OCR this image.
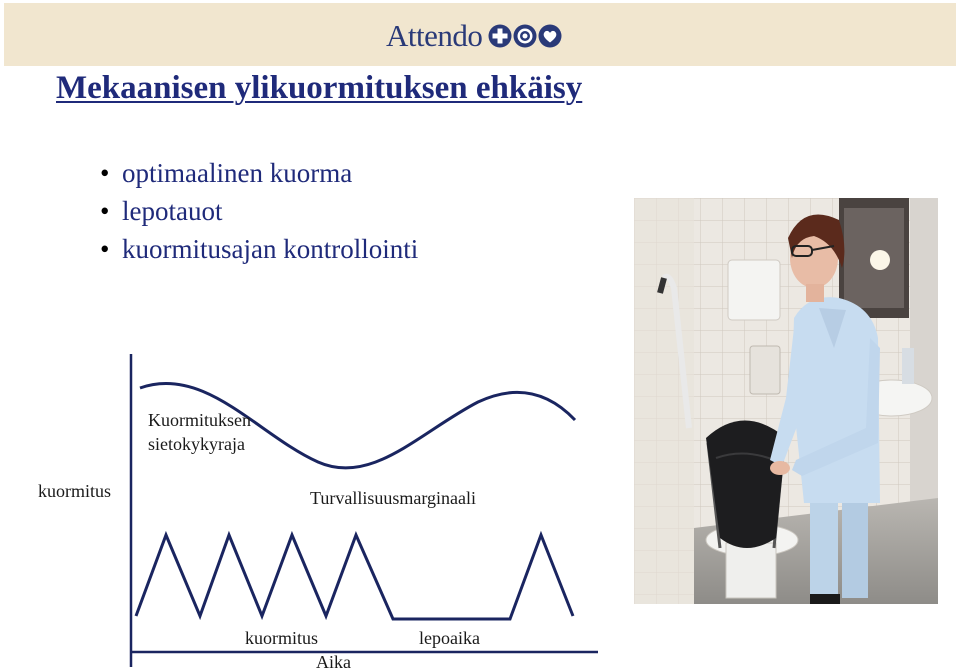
Attendo
Mekaanisen ylikuormituksen ehkäisy
• optimaalinen kuorma
• lepotauot
• kuormitusajan kontrollointi
Kuormituksen
sietokykyraja
kuormitus	Turvallisuusmarginaali
kuormitus	lepoaika
Aika
